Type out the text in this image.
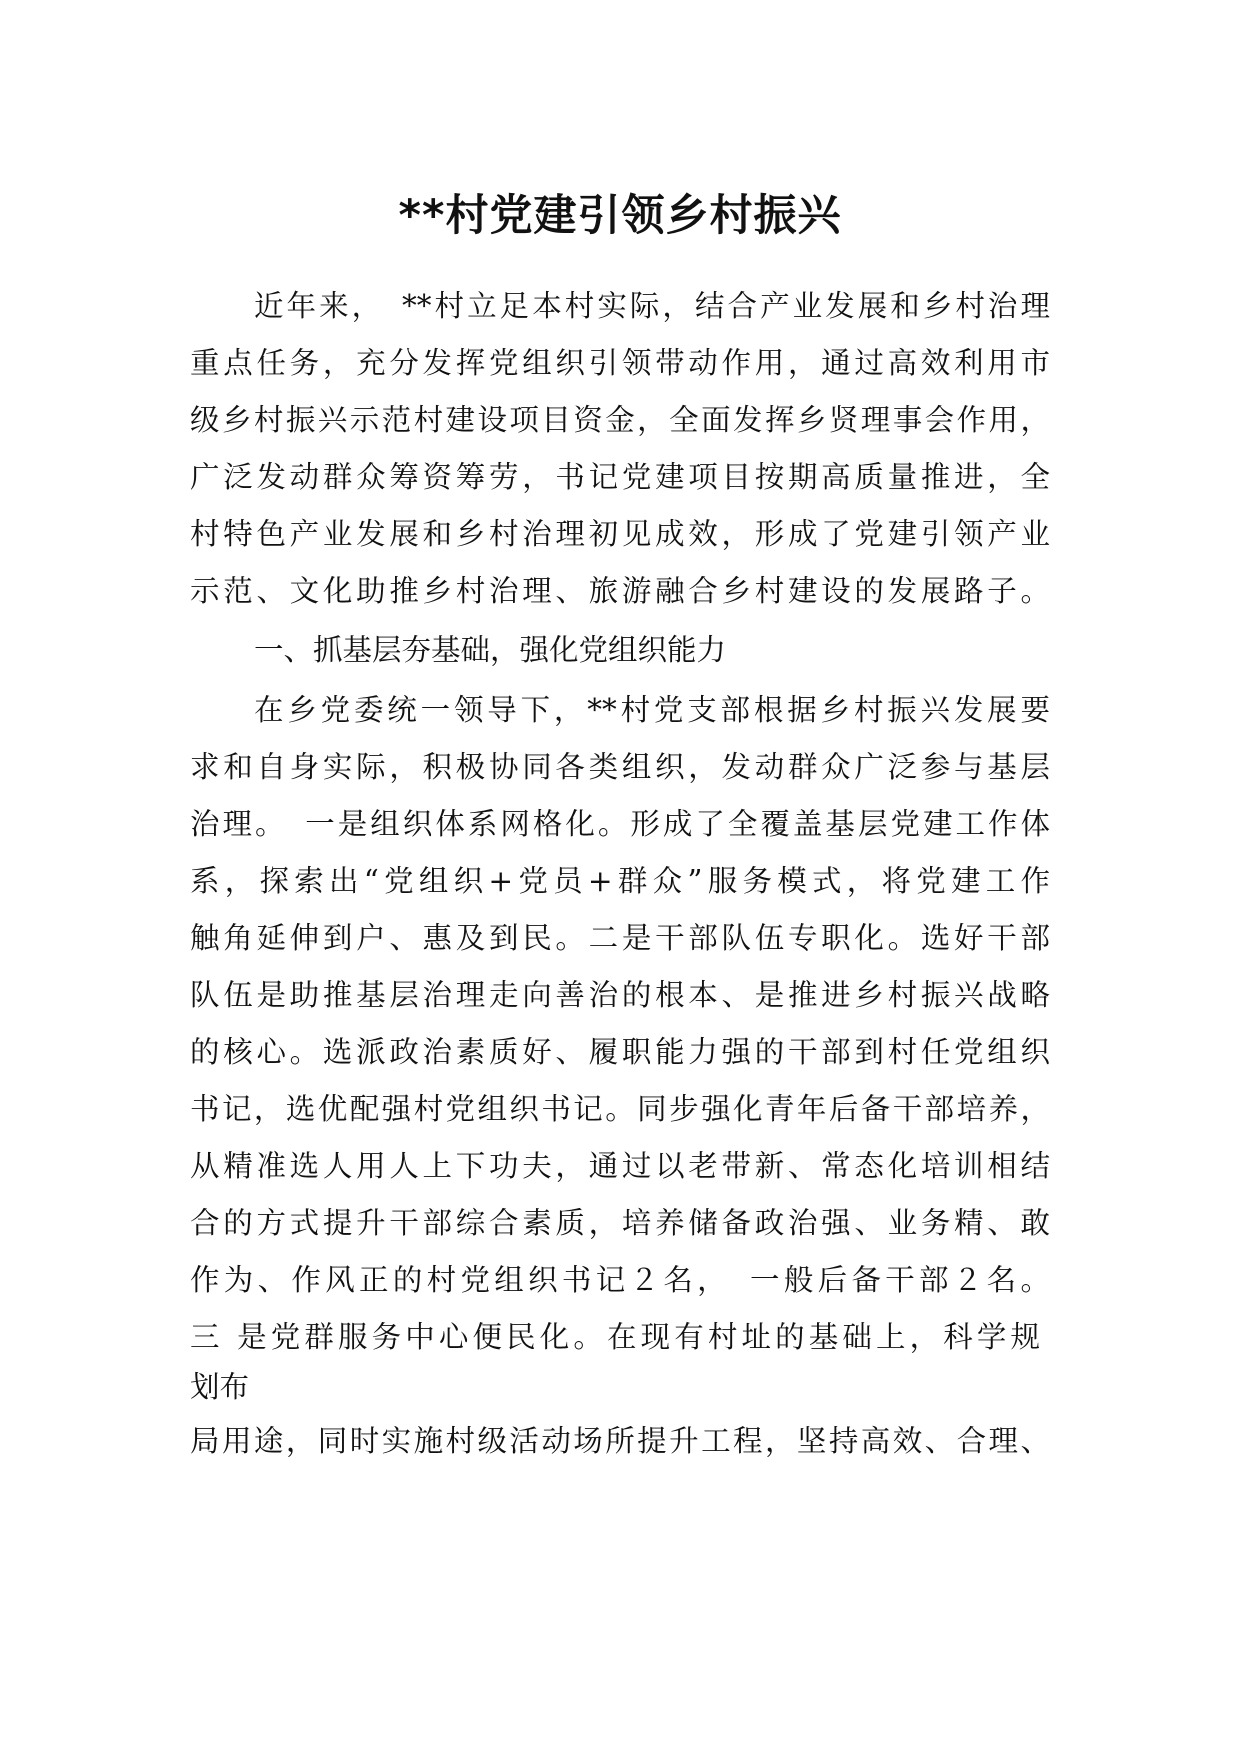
**村党建引领乡村振兴
近年来，　**村立足本村实际，结合产业发展和乡村治理
重点任务，充分发挥党组织引领带动作用，通过高效利用市
级乡村振兴示范村建设项目资金，全面发挥乡贤理事会作用，
广泛发动群众筹资筹劳，书记党建项目按期高质量推进，全
村特色产业发展和乡村治理初见成效，形成了党建引领产业
示范、文化助推乡村治理、旅游融合乡村建设的发展路子。
一、抓基层夯基础，强化党组织能力
在乡党委统一领导下，**村党支部根据乡村振兴发展要
求和自身实际，积极协同各类组织，发动群众广泛参与基层
治理。　一是组织体系网格化。形成了全覆盖基层党建工作体
系，探索出“党组织+党员+群众”服务模式，将党建工作
触角延伸到户、惠及到民。二是干部队伍专职化。选好干部
队伍是助推基层治理走向善治的根本、是推进乡村振兴战略
的核心。选派政治素质好、履职能力强的干部到村任党组织
书记，选优配强村党组织书记。同步强化青年后备干部培养，
从精准选人用人上下功夫，通过以老带新、常态化培训相结
合的方式提升干部综合素质，培养储备政治强、业务精、敢
作为、作风正的村党组织书记２名，　一般后备干部２名。
三 是党群服务中心便民化。在现有村址的基础上，科学规
划布
局用途，同时实施村级活动场所提升工程，坚持高效、合理、
